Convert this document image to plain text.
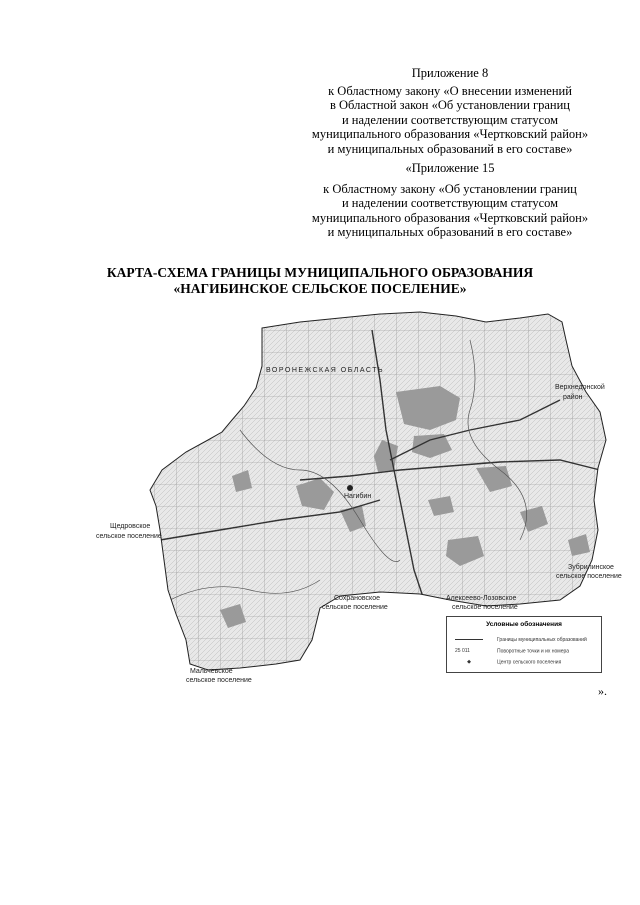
Приложение 8
к Областному закону «О внесении изменений
в Областной закон «Об установлении границ
и наделении соответствующим статусом
муниципального образования «Чертковский район»
и муниципальных образований в его составе»
«Приложение 15
к Областному закону «Об установлении границ
и наделении соответствующим статусом
муниципального образования «Чертковский район»
и муниципальных образований в его составе»
КАРТА-СХЕМА ГРАНИЦЫ МУНИЦИПАЛЬНОГО ОБРАЗОВАНИЯ
«НАГИБИНСКОЕ СЕЛЬСКОЕ ПОСЕЛЕНИЕ»
ВОРОНЕЖСКАЯ ОБЛАСТЬ
Верхнедонской
район
Щедровское
сельское поселение
Зубрилинское
сельское поселение
Сохрановское
сельское поселение
Алексеево-Лозовское
сельское поселение
Мальчевское
сельское поселение
Нагибин
Условные обозначения
Границы муниципальных образований
25 011	Поворотные точки и их номера
◆	Центр сельского поселения
».
